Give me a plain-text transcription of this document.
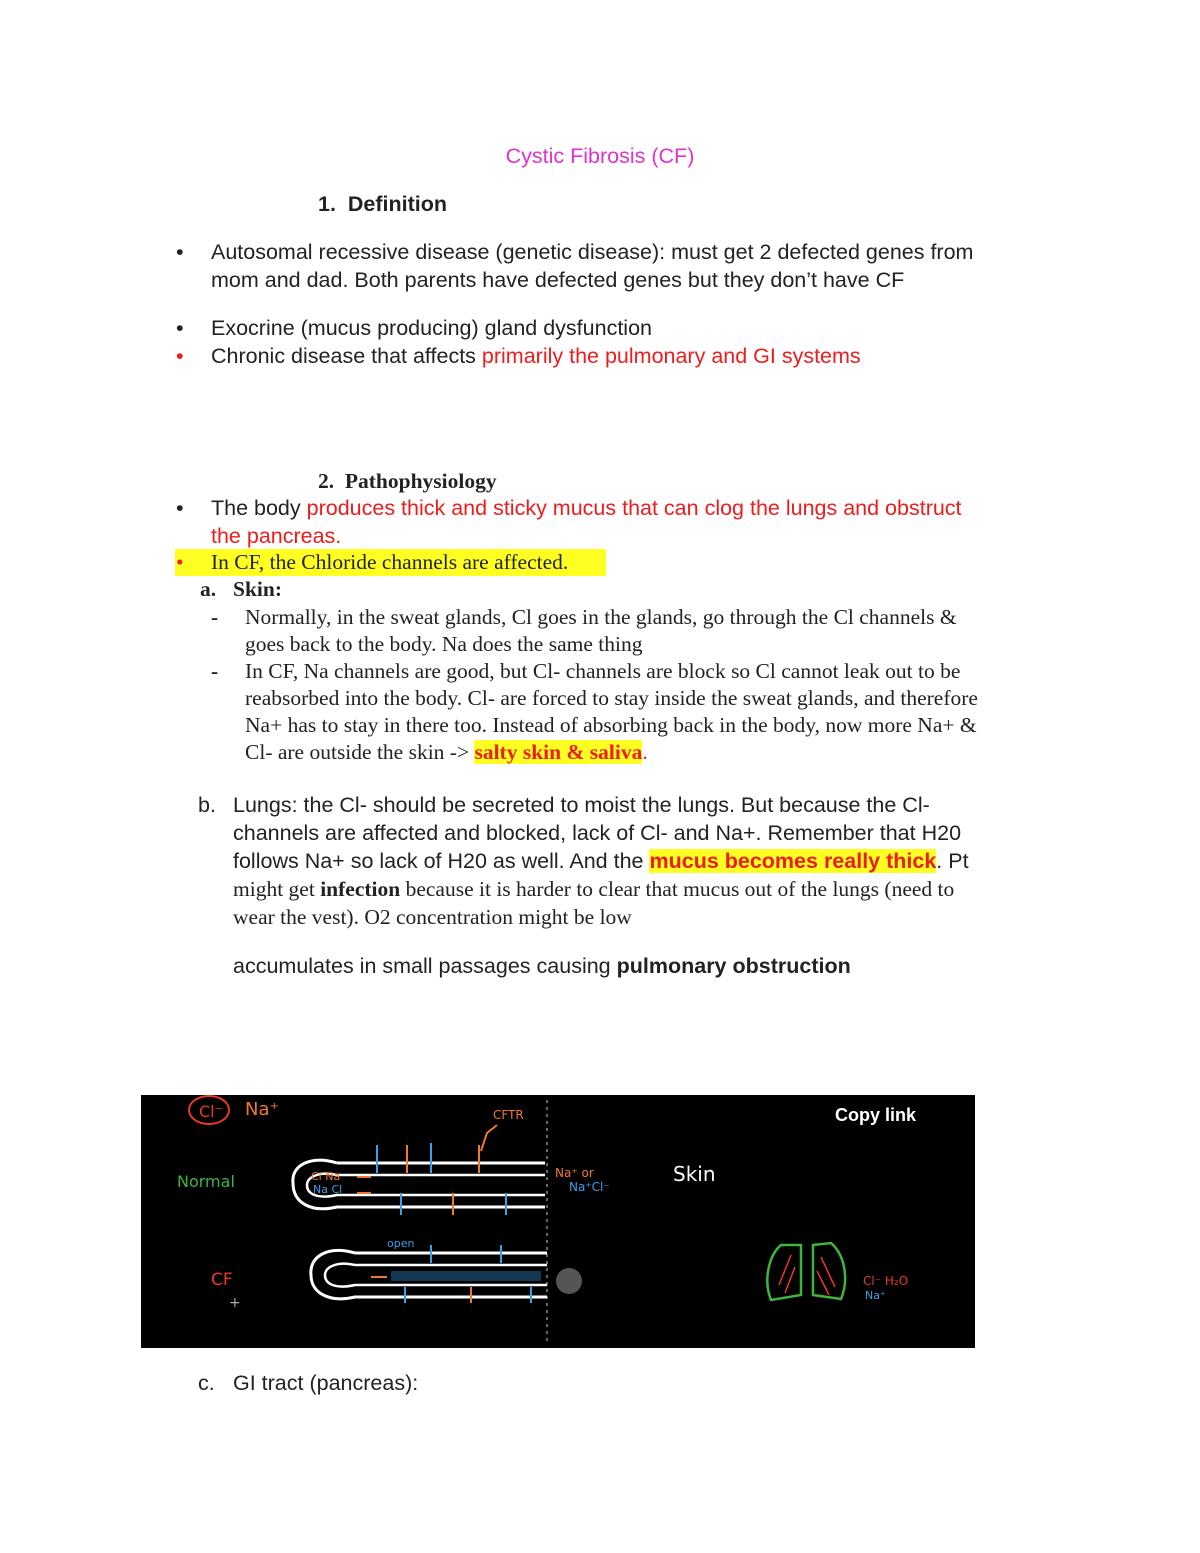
Cystic Fibrosis (CF)
1. Definition
• Autosomal recessive disease (genetic disease): must get 2 defected genes from
mom and dad. Both parents have defected genes but they don’t have CF
• Exocrine (mucus producing) gland dysfunction
• Chronic disease that affects primarily the pulmonary and GI systems
2. Pathophysiology
• The body produces thick and sticky mucus that can clog the lungs and obstruct
the pancreas.
• In CF, the Chloride channels are affected.
a. Skin:
- Normally, in the sweat glands, Cl goes in the glands, go through the Cl channels &
goes back to the body. Na does the same thing
- In CF, Na channels are good, but Cl- channels are block so Cl cannot leak out to be
reabsorbed into the body. Cl- are forced to stay inside the sweat glands, and therefore
Na+ has to stay in there too. Instead of absorbing back in the body, now more Na+ &
Cl- are outside the skin -> salty skin & saliva.
b. Lungs: the Cl- should be secreted to moist the lungs. But because the Cl-
channels are affected and blocked, lack of Cl- and Na+. Remember that H20
follows Na+ so lack of H20 as well. And the mucus becomes really thick. Pt
might get infection because it is harder to clear that mucus out of the lungs (need to
wear the vest). O2 concentration might be low
accumulates in small passages causing pulmonary obstruction
Cl⁻ Na⁺
Normal
CF
+
Cl Na
Na Cl
CFTR
Na⁺ or
Na⁺Cl⁻
Skin
open
Cl⁻ H₂O
Na⁺
Copy link
c. GI tract (pancreas):
